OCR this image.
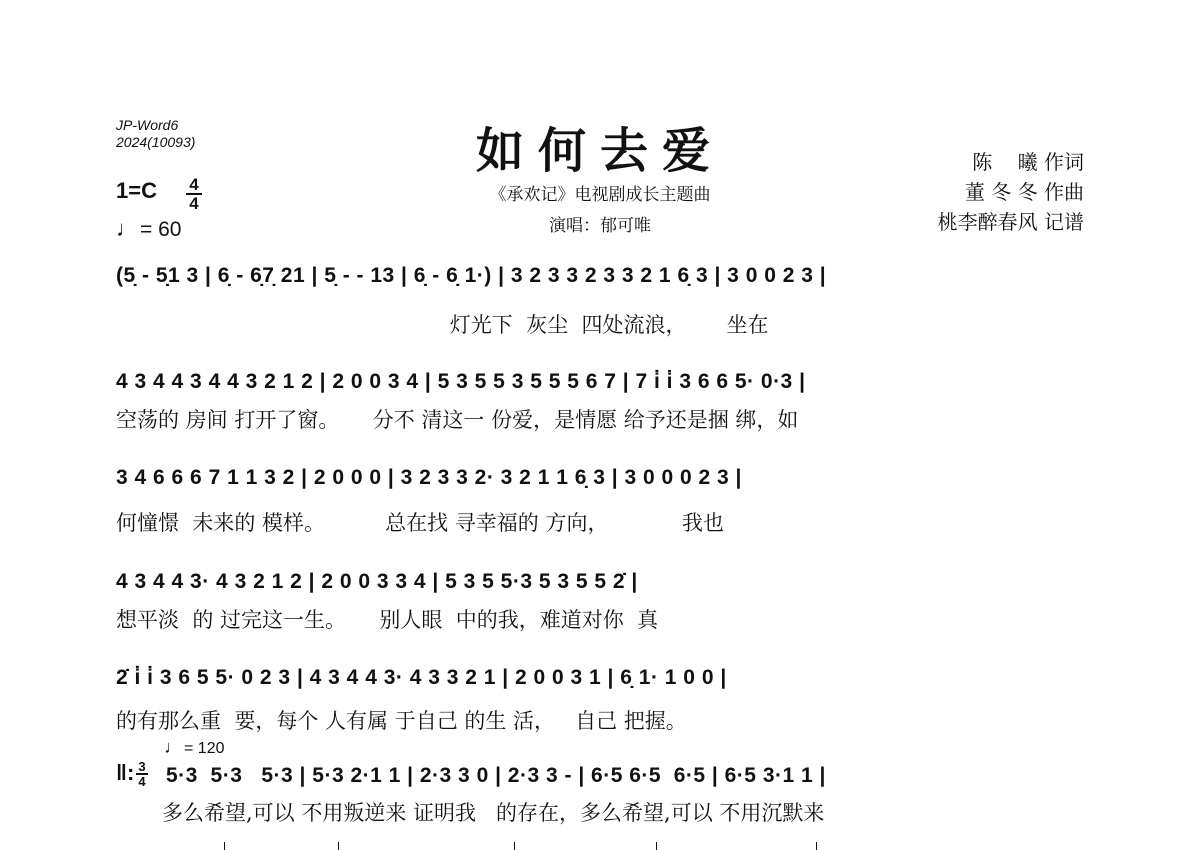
JP-Word6
2024(10093)	如何去爱
《承欢记》电视剧成长主题曲
演唱：郁可唯
陈    曦 作词
董 冬 冬 作曲
桃李醉春风 记谱
$1=C \frac{4}{4}$
♩= 60
(5̣ - 5̣1 3 | 6̣ - 6̣7̣ 21 | 5̣ - - 13 | 6̣ - 6̣ 1·) | 3 2 3 3 2 3 3 2 1 6̣ 3 | 3 0 0 2 3 |
灯光下  灰尘  四处流浪，      坐在
4 3 4 4 3 4 4 3 2 1 2 | 2 0 0 3 4 | 5 3 5 5 3 5 5 5 6 7 | 7 i̇ i̇ 3 6 6 5· 0·3 |
空荡的 房间 打开了窗。     分不 清这一 份爱，是情愿 给予还是捆 绑，如
3 4 6 6 6 7 1 1 3 2 | 2 0 0 0 | 3 2 3 3 2· 3 2 1 1 6̣ 3 | 3 0 0 0 2 3 |
何憧憬  未来的 模样。         总在找 寻幸福的 方向，           我也
4 3 4 4 3· 4 3 2 1 2 | 2 0 0 3 3 4 | 5 3 5 5·3 5 3 5 5 2̇ |
想平淡  的 过完这一生。     别人眼  中的我，难道对你  真
2̇ i̇ i̇ 3 6 5 5· 0 2 3 | 4 3 4 4 3· 4 3 3 2 1 | 2 0 0 3 1 | 6̣ 1· 1 0 0 |
的有那么重  要，每个 人有属 于自己 的生 活，   自己 把握。
♩ = 120
3
4
‖: 5·3  5·3   5·3 | 5·3 2·1 1 | 2·3 3 0 | 2·3 3 - | 6·5 6·5  6·5 | 6·5 3·1 1 |
多么希望,可以 不用叛逆来 证明我   的存在，多么希望,可以 不用沉默来
